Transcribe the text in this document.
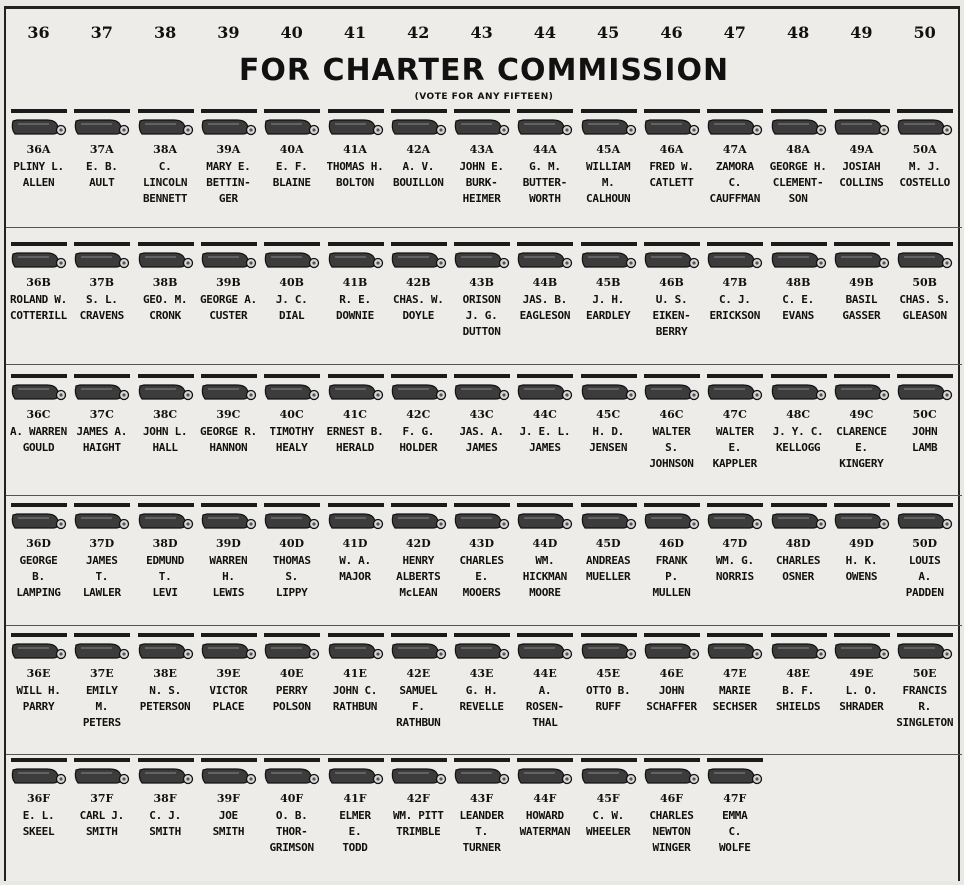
36	37	38	39	40	41	42	43	44	45	46	47	48	49	50
FOR CHARTER COMMISSION
(VOTE FOR ANY FIFTEEN)
36A
PLINY L.
ALLEN
37A
E. B.
AULT
38A
C.
LINCOLN
BENNETT
39A
MARY E.
BETTIN-
GER
40A
E. F.
BLAINE
41A
THOMAS H.
BOLTON
42A
A. V.
BOUILLON
43A
JOHN E.
BURK-
HEIMER
44A
G. M.
BUTTER-
WORTH
45A
WILLIAM
M.
CALHOUN
46A
FRED W.
CATLETT
47A
ZAMORA
C.
CAUFFMAN
48A
GEORGE H.
CLEMENT-
SON
49A
JOSIAH
COLLINS
50A
M. J.
COSTELLO
36B
ROLAND W.
COTTERILL
37B
S. L.
CRAVENS
38B
GEO. M.
CRONK
39B
GEORGE A.
CUSTER
40B
J. C.
DIAL
41B
R. E.
DOWNIE
42B
CHAS. W.
DOYLE
43B
ORISON
J. G.
DUTTON
44B
JAS. B.
EAGLESON
45B
J. H.
EARDLEY
46B
U. S.
EIKEN-
BERRY
47B
C. J.
ERICKSON
48B
C. E.
EVANS
49B
BASIL
GASSER
50B
CHAS. S.
GLEASON
36C
A. WARREN
GOULD
37C
JAMES A.
HAIGHT
38C
JOHN L.
HALL
39C
GEORGE R.
HANNON
40C
TIMOTHY
HEALY
41C
ERNEST B.
HERALD
42C
F. G.
HOLDER
43C
JAS. A.
JAMES
44C
J. E. L.
JAMES
45C
H. D.
JENSEN
46C
WALTER
S.
JOHNSON
47C
WALTER
E.
KAPPLER
48C
J. Y. C.
KELLOGG
49C
CLARENCE
E.
KINGERY
50C
JOHN
LAMB
36D
GEORGE
B.
LAMPING
37D
JAMES
T.
LAWLER
38D
EDMUND
T.
LEVI
39D
WARREN
H.
LEWIS
40D
THOMAS
S.
LIPPY
41D
W. A.
MAJOR
42D
HENRY
ALBERTS
McLEAN
43D
CHARLES
E.
MOOERS
44D
WM.
HICKMAN
MOORE
45D
ANDREAS
MUELLER
46D
FRANK
P.
MULLEN
47D
WM. G.
NORRIS
48D
CHARLES
OSNER
49D
H. K.
OWENS
50D
LOUIS
A.
PADDEN
36E
WILL H.
PARRY
37E
EMILY
M.
PETERS
38E
N. S.
PETERSON
39E
VICTOR
PLACE
40E
PERRY
POLSON
41E
JOHN C.
RATHBUN
42E
SAMUEL
F.
RATHBUN
43E
G. H.
REVELLE
44E
A.
ROSEN-
THAL
45E
OTTO B.
RUFF
46E
JOHN
SCHAFFER
47E
MARIE
SECHSER
48E
B. F.
SHIELDS
49E
L. O.
SHRADER
50E
FRANCIS
R.
SINGLETON
36F
E. L.
SKEEL
37F
CARL J.
SMITH
38F
C. J.
SMITH
39F
JOE
SMITH
40F
O. B.
THOR-
GRIMSON
41F
ELMER
E.
TODD
42F
WM. PITT
TRIMBLE
43F
LEANDER
T.
TURNER
44F
HOWARD
WATERMAN
45F
C. W.
WHEELER
46F
CHARLES
NEWTON
WINGER
47F
EMMA
C.
WOLFE
